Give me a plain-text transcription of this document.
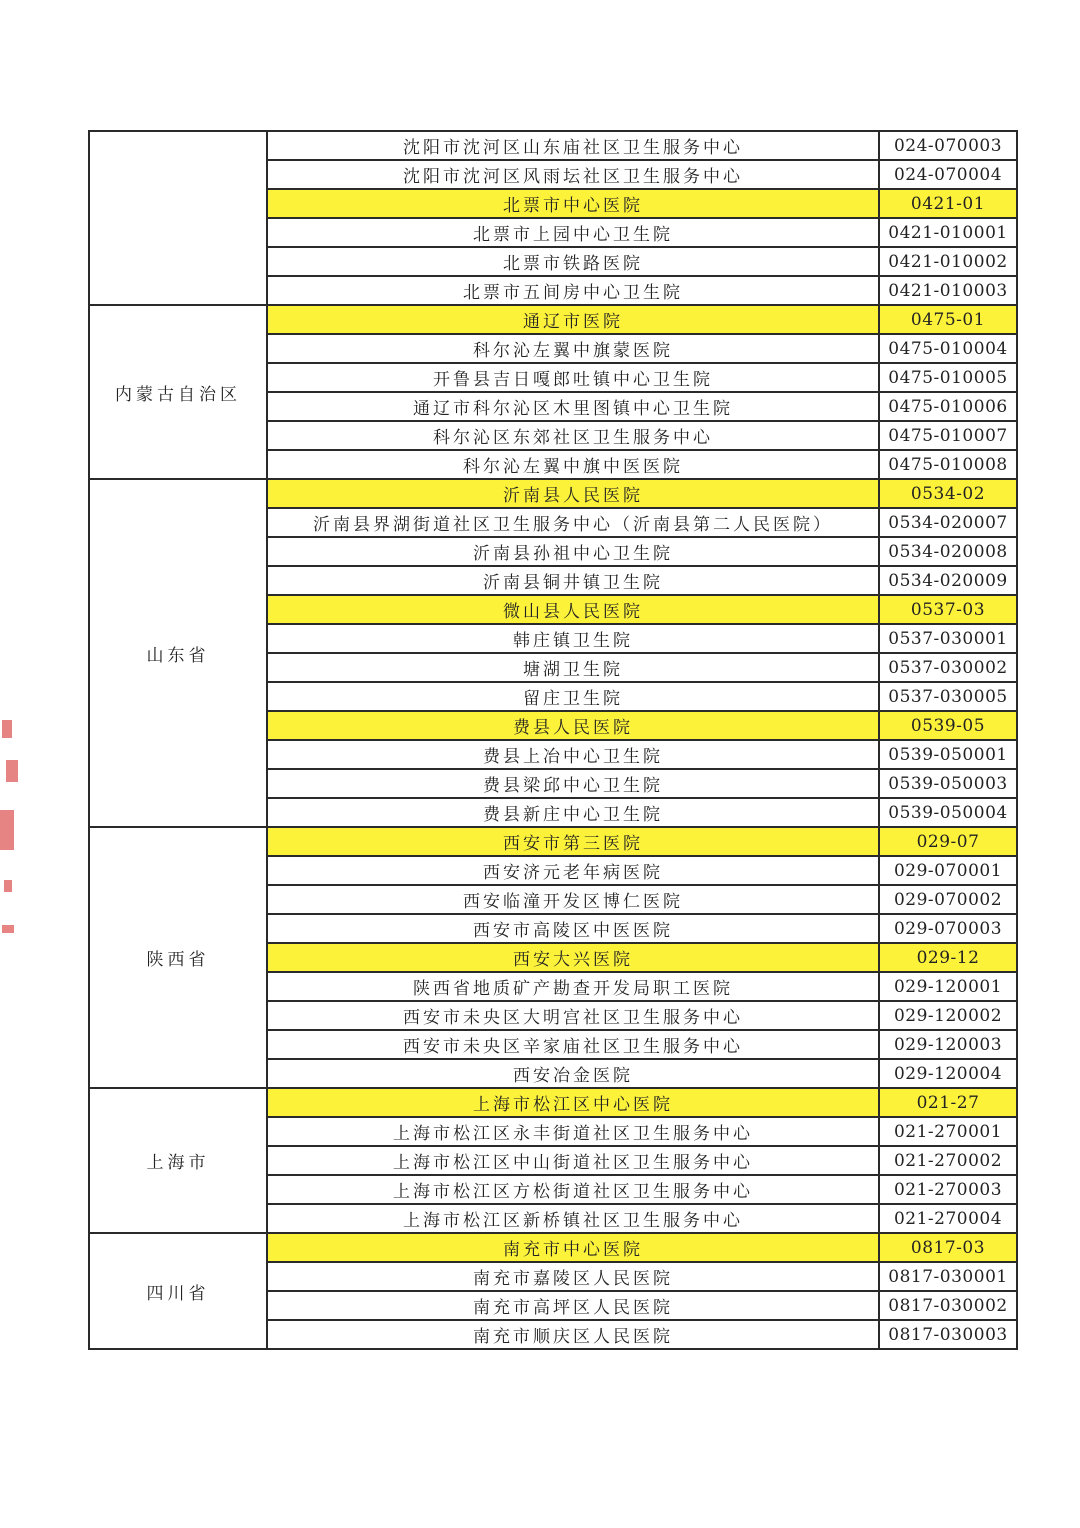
	沈阳市沈河区山东庙社区卫生服务中心	024-070003
	沈阳市沈河区风雨坛社区卫生服务中心	024-070004
	北票市中心医院	0421-01
	北票市上园中心卫生院	0421-010001
	北票市铁路医院	0421-010002
	北票市五间房中心卫生院	0421-010003
内蒙古自治区	通辽市医院	0475-01
	科尔沁左翼中旗蒙医院	0475-010004
	开鲁县吉日嘎郎吐镇中心卫生院	0475-010005
	通辽市科尔沁区木里图镇中心卫生院	0475-010006
	科尔沁区东郊社区卫生服务中心	0475-010007
	科尔沁左翼中旗中医医院	0475-010008
山东省	沂南县人民医院	0534-02
	沂南县界湖街道社区卫生服务中心（沂南县第二人民医院）	0534-020007
	沂南县孙祖中心卫生院	0534-020008
	沂南县铜井镇卫生院	0534-020009
	微山县人民医院	0537-03
	韩庄镇卫生院	0537-030001
	塘湖卫生院	0537-030002
	留庄卫生院	0537-030005
	费县人民医院	0539-05
	费县上冶中心卫生院	0539-050001
	费县梁邱中心卫生院	0539-050003
	费县新庄中心卫生院	0539-050004
陕西省	西安市第三医院	029-07
	西安济元老年病医院	029-070001
	西安临潼开发区博仁医院	029-070002
	西安市高陵区中医医院	029-070003
	西安大兴医院	029-12
	陕西省地质矿产勘查开发局职工医院	029-120001
	西安市未央区大明宫社区卫生服务中心	029-120002
	西安市未央区辛家庙社区卫生服务中心	029-120003
	西安冶金医院	029-120004
上海市	上海市松江区中心医院	021-27
	上海市松江区永丰街道社区卫生服务中心	021-270001
	上海市松江区中山街道社区卫生服务中心	021-270002
	上海市松江区方松街道社区卫生服务中心	021-270003
	上海市松江区新桥镇社区卫生服务中心	021-270004
四川省	南充市中心医院	0817-03
	南充市嘉陵区人民医院	0817-030001
	南充市高坪区人民医院	0817-030002
	南充市顺庆区人民医院	0817-030003
